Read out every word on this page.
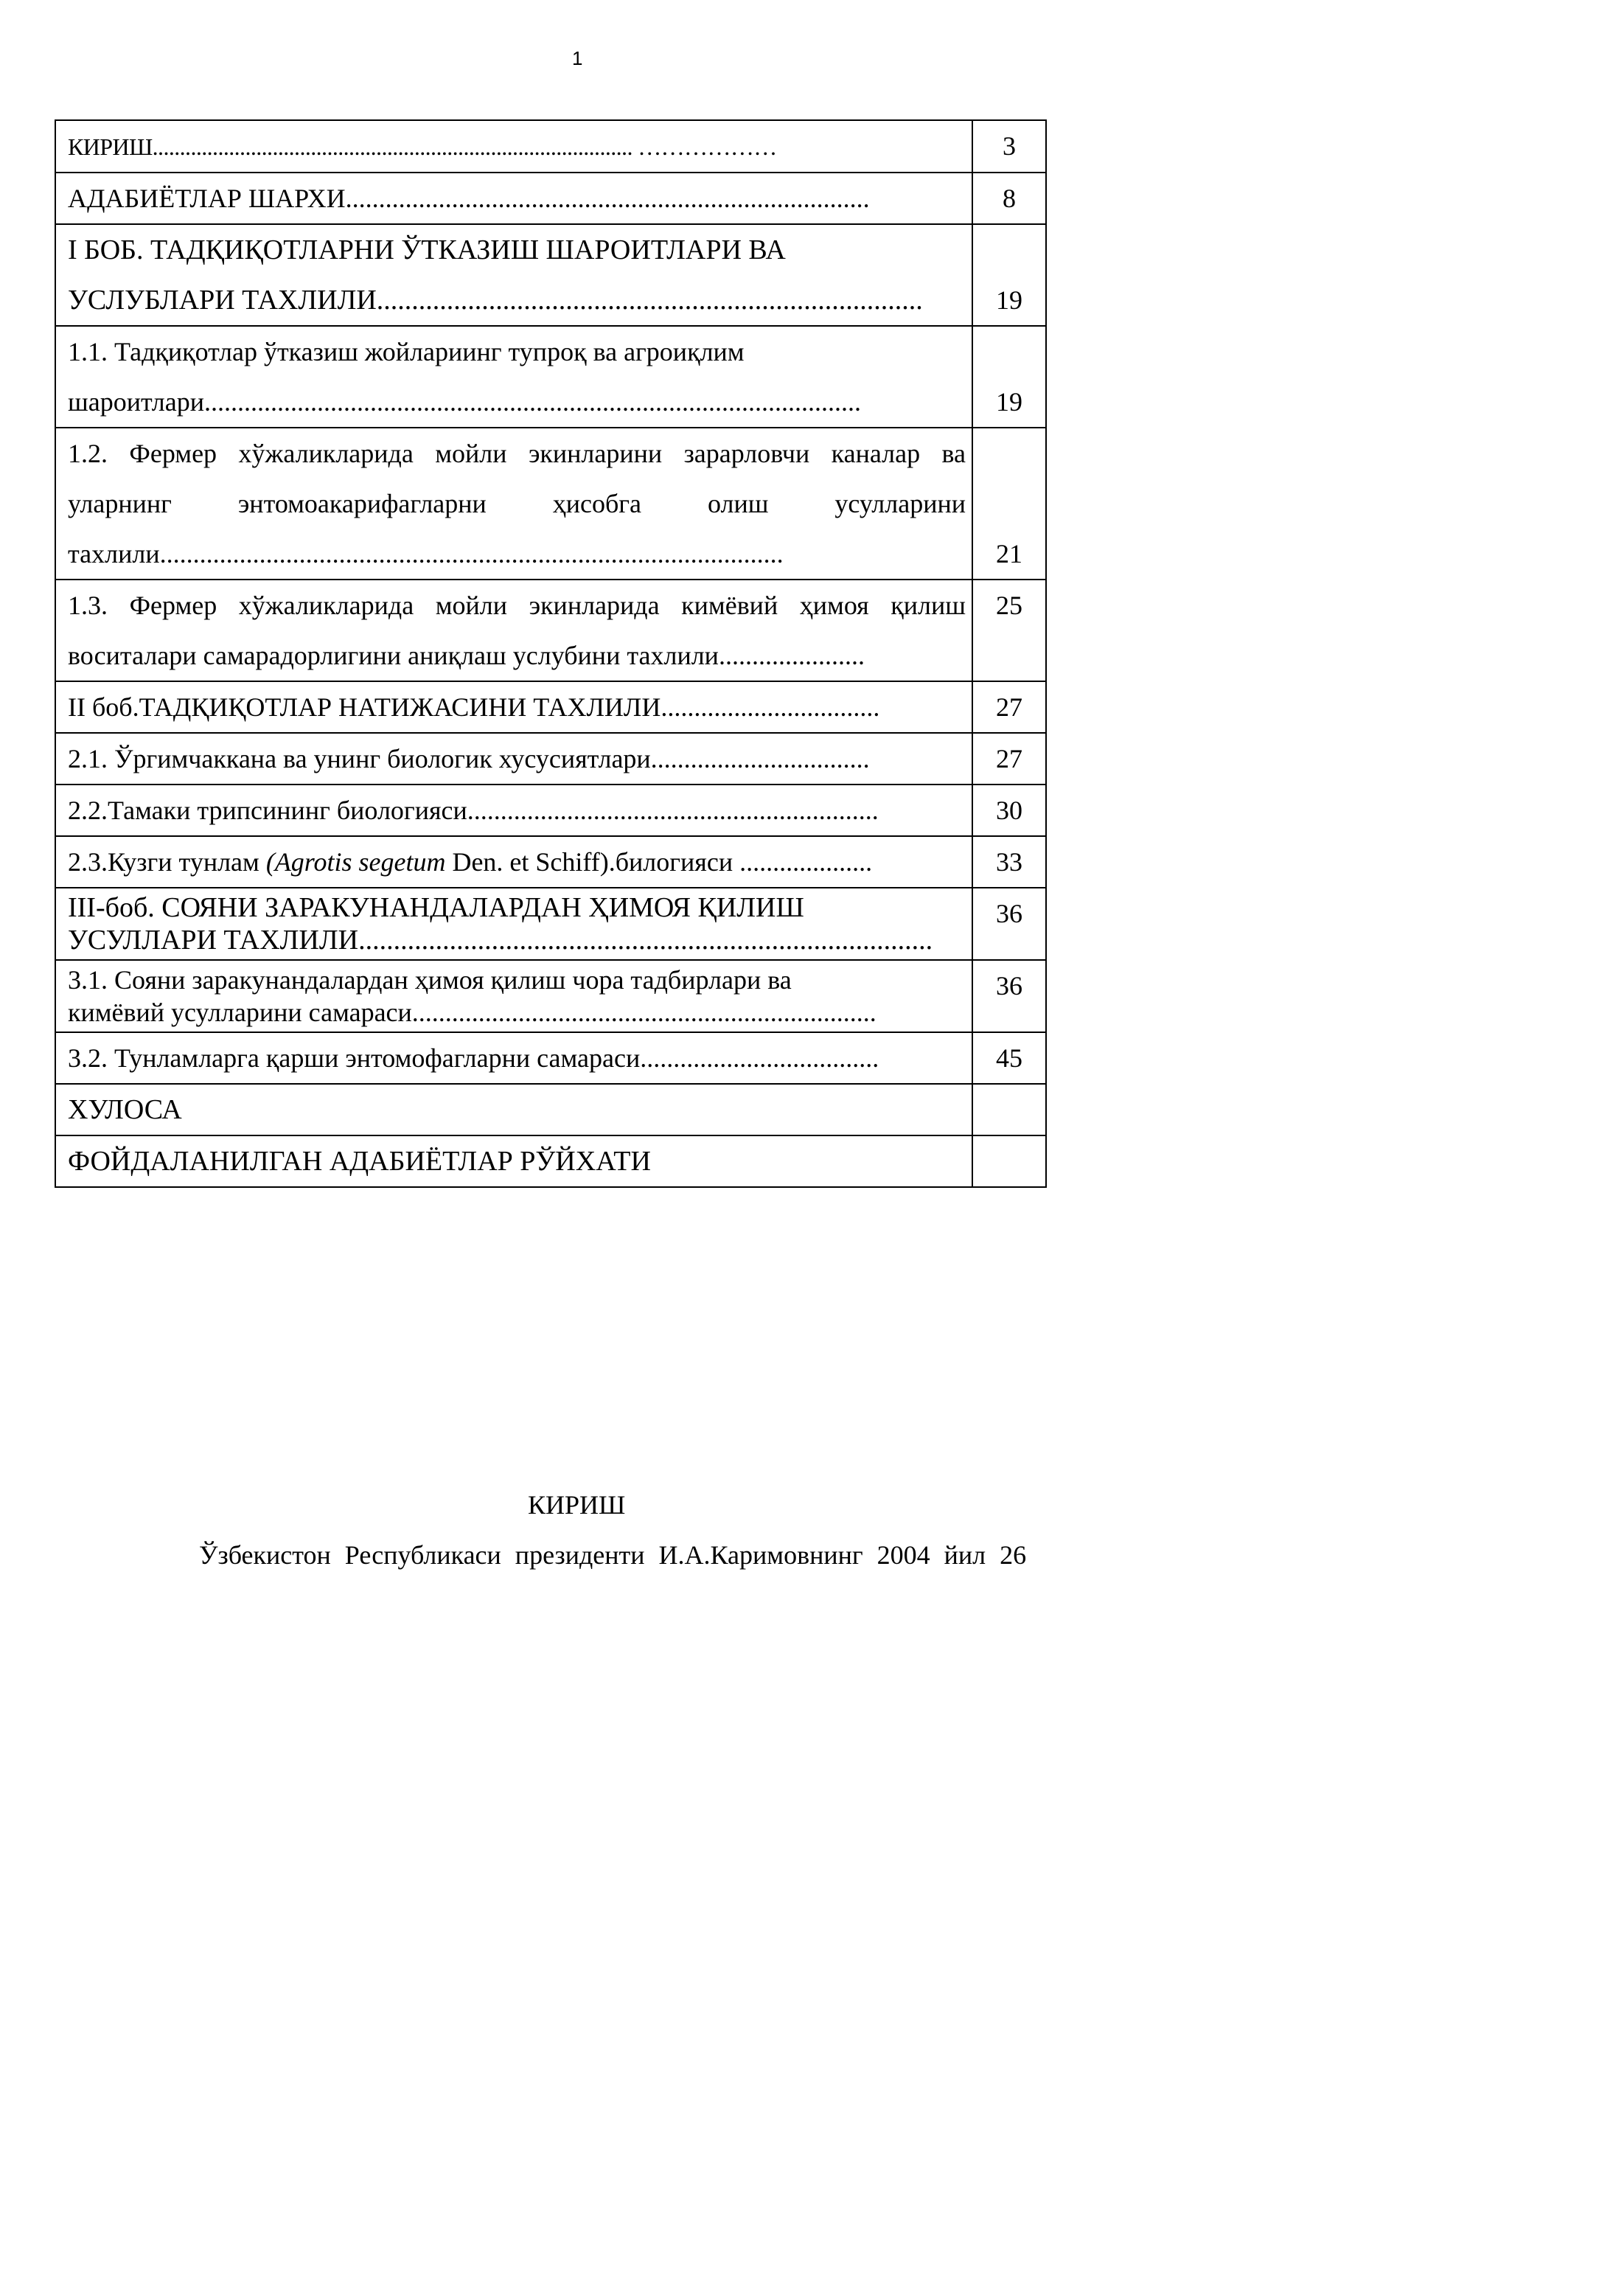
1
КИРИШ........................................................................................ ………………	3
АДАБИЁТЛАР ШАРХИ...............................................................................	8

I БОБ. ТАДҚИҚОТЛАРНИ ЎТКАЗИШ ШАРОИТЛАРИ ВА
УСЛУБЛАРИ ТАХЛИЛИ..............................................................................	19

1.1. Тадқиқотлар ўтказиш жойлариинг тупроқ ва агроиқлим
шароитлари...................................................................................................	19

1.2. Фермер хўжаликларида мойли экинларини зарарловчи каналар ва
уларнинг энтомоакарифагларни ҳисобга олиш усулларини
тахлили..............................................................................................	21

1.3. Фермер хўжаликларида мойли экинларида кимёвий ҳимоя қилиш
воситалари самарадорлигини аниқлаш услубини тахлили......................	25
II боб.ТАДҚИҚОТЛАР НАТИЖАСИНИ ТАХЛИЛИ.................................	27
2.1. Ўргимчаккана ва унинг биологик хусусиятлари.................................	27
2.2.Тамаки трипсининг биологияси..............................................................	30
2.3.Кузги тунлам (Agrotis segetum Den. et Schiff).билогияси ....................	33

III-боб. СОЯНИ ЗАРАКУНАНДАЛАРДАН ҲИМОЯ ҚИЛИШ
УСУЛЛАРИ ТАХЛИЛИ..................................................................................	36

3.1. Сояни заракунандалардан ҳимоя қилиш чора тадбирлари ва
кимёвий усулларини самараси......................................................................	36
3.2. Тунламларга қарши энтомофагларни самараси....................................	45
ХУЛОСА	
ФОЙДАЛАНИЛГАН АДАБИЁТЛАР РЎЙХАТИ	
КИРИШ
Ўзбекистон Республикаси президенти И.А.Каримовнинг 2004 йил 26
